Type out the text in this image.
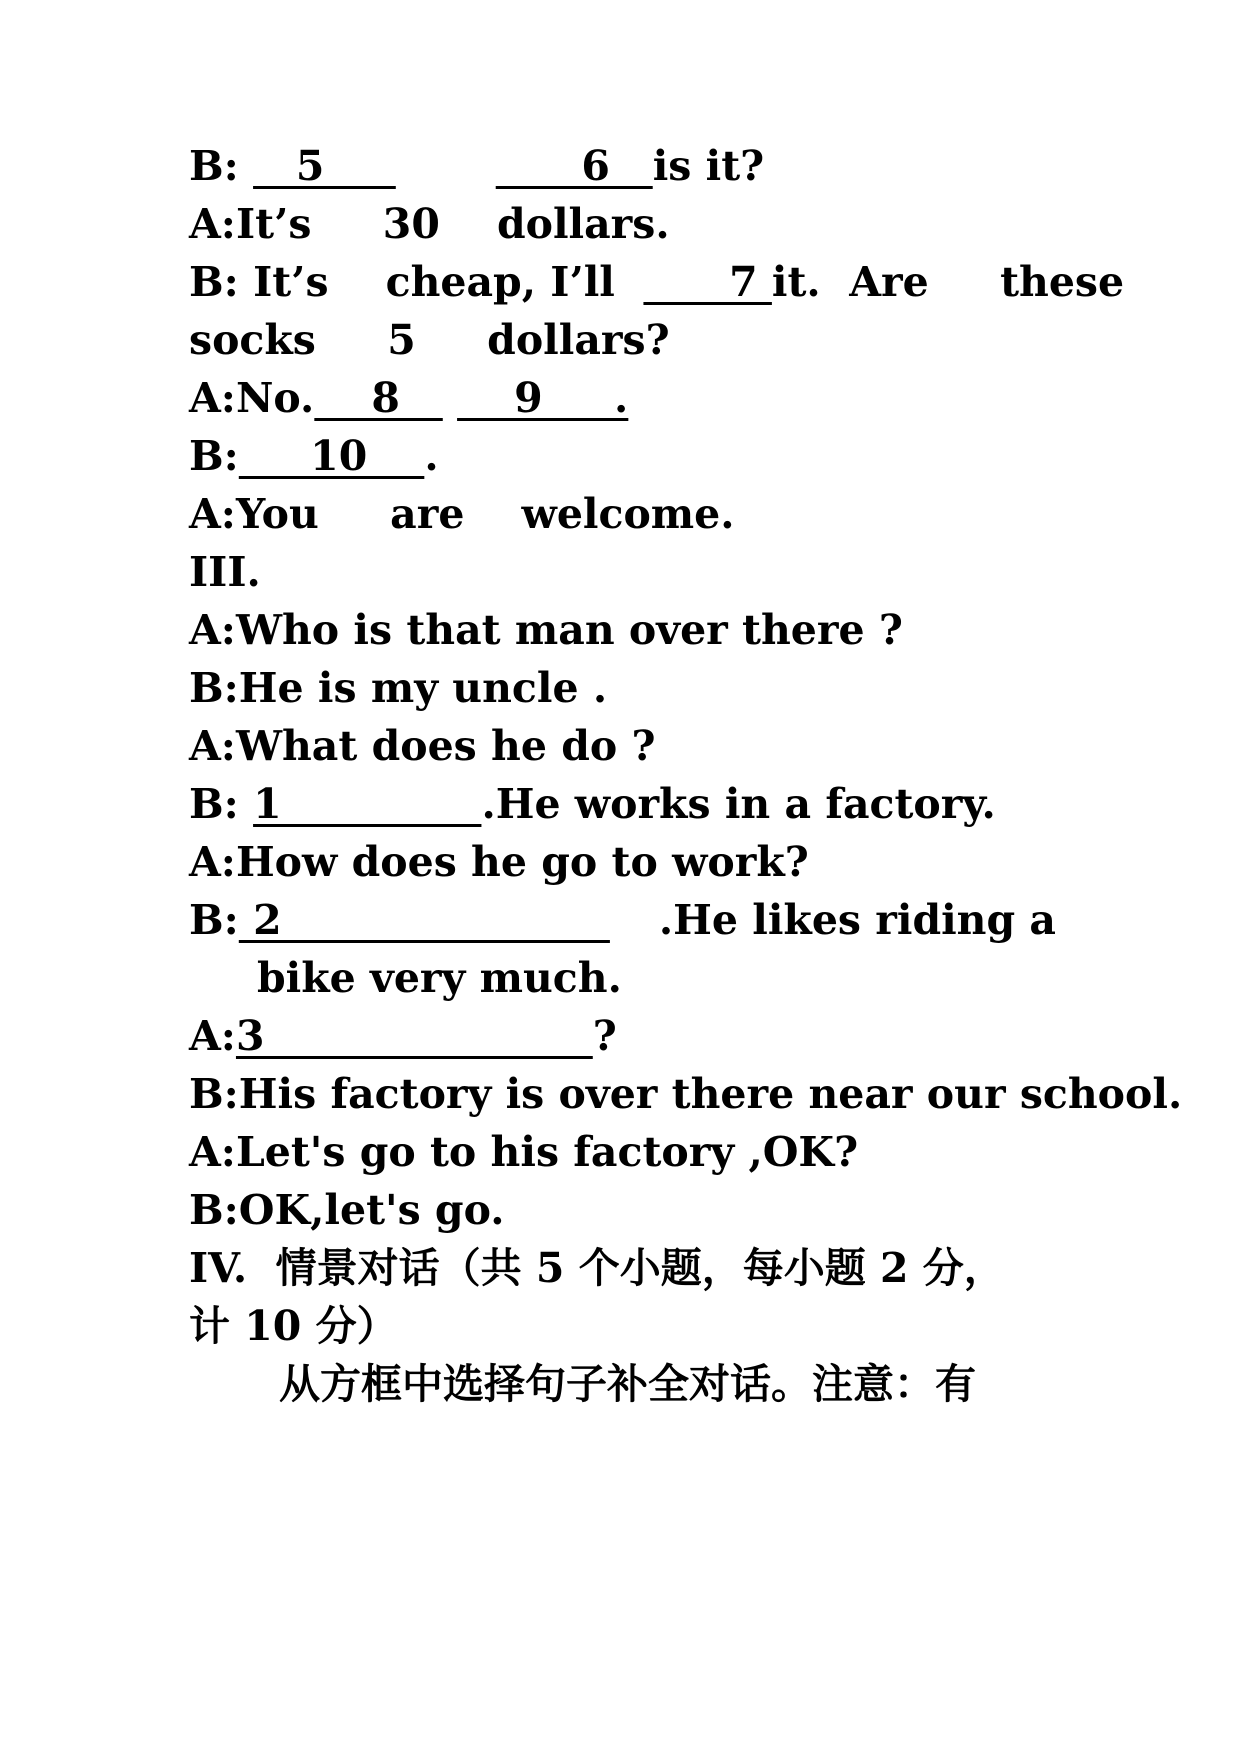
B:    5                  6   is it?
A:It’s     30    dollars.
B: It’s    cheap, I’ll        7 it.  Are     these
socks     5     dollars?
A:No.    8        9     .
B:     10    .
A:You     are    welcome.
III.
A:Who is that man over there ?
B:He is my uncle .
A:What does he do ?
B: 1              .He works in a factory.
A:How does he go to work?
B: 2 .He likes riding a
bike very much.
A:3                       ?
B:His factory is over there near our school.
A:Let's go to his factory ,OK?
B:OK,let's go.
IV.  情景对话（共 5 个小题，每小题 2 分，
计 10 分）
从方框中选择句子补全对话。注意：有
